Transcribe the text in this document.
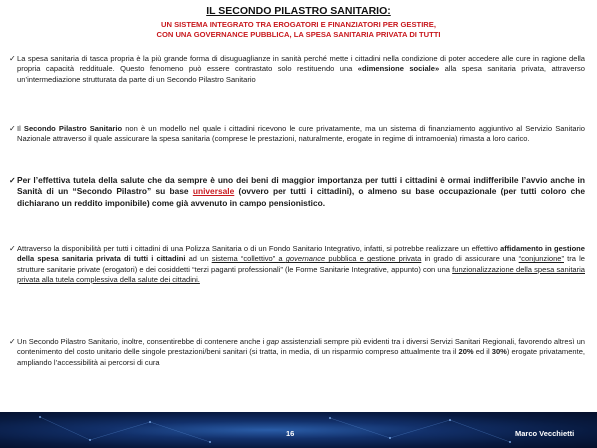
IL SECONDO PILASTRO SANITARIO:
UN SISTEMA INTEGRATO TRA EROGATORI E FINANZIATORI PER GESTIRE,
CON UNA GOVERNANCE PUBBLICA, LA SPESA SANITARIA PRIVATA DI TUTTI
✓ La spesa sanitaria di tasca propria è la più grande forma di disuguaglianze in sanità perché mette i cittadini nella condizione di poter accedere alle cure in ragione della propria capacità reddituale. Questo fenomeno può essere contrastato solo restituendo una «dimensione sociale» alla spesa sanitaria privata, attraverso un’intermediazione strutturata da parte di un Secondo Pilastro Sanitario

✓ Il Secondo Pilastro Sanitario non è un modello nel quale i cittadini ricevono le cure privatamente, ma un sistema di finanziamento aggiuntivo al Servizio Sanitario Nazionale attraverso il quale assicurare la spesa sanitaria (comprese le prestazioni, naturalmente, erogate in regime di intramoenia) rimasta a loro carico.

✓ Per l’effettiva tutela della salute che da sempre è uno dei beni di maggior importanza per tutti i cittadini è ormai indifferibile l’avvio anche in Sanità di un “Secondo Pilastro” su base universale (ovvero per tutti i cittadini), o almeno su base occupazionale (per tutti coloro che dichiarano un reddito imponibile) come già avvenuto in campo pensionistico.

✓ Attraverso la disponibilità per tutti i cittadini di una Polizza Sanitaria o di un Fondo Sanitario Integrativo, infatti, si potrebbe realizzare un effettivo affidamento in gestione della spesa sanitaria privata di tutti i cittadini ad un sistema “collettivo” a governance pubblica e gestione privata in grado di assicurare una “conjunzione” tra le strutture sanitarie private (erogatori) e dei cosiddetti “terzi paganti professionali” (le Forme Sanitarie Integrative, appunto) con una funzionalizzazione della spesa sanitaria privata alla tutela complessiva della salute dei cittadini.

✓ Un Secondo Pilastro Sanitario, inoltre, consentirebbe di contenere anche i gap assistenziali sempre più evidenti tra i diversi Servizi Sanitari Regionali, favorendo altresì un contenimento del costo unitario delle singole prestazioni/beni sanitari (si tratta, in media, di un risparmio compreso attualmente tra il 20% ed il 30%) erogate privatamente, ampliando l’accessibilità ai percorsi di cura

16	Marco Vecchietti
